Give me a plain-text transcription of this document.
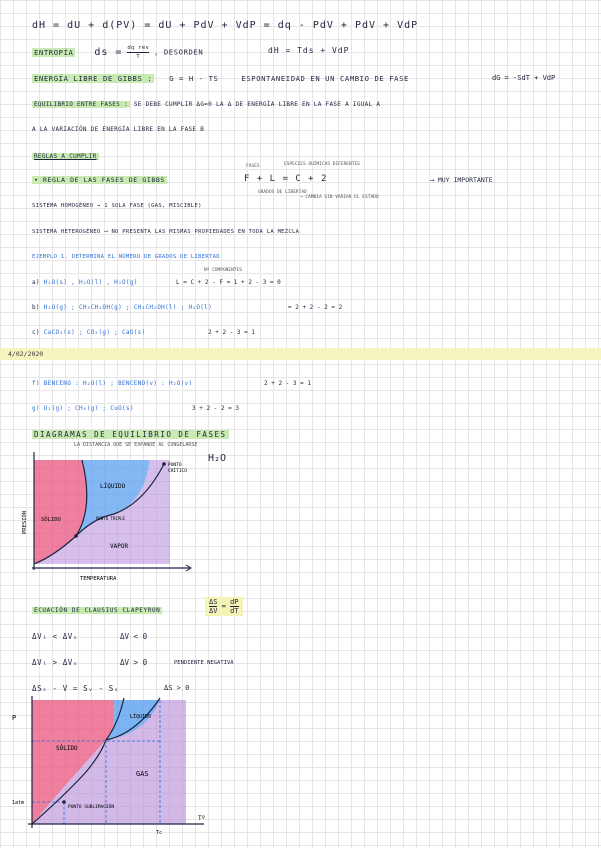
dH = dU + d(PV) = dU + PdV + VdP = dq - PdV + PdV + VdP
ENTROPÍA ds = $\frac{\text{dq rev}}{T}$ , DESORDEN	dH = Tds + VdP
ENERGÍA LIBRE DE GIBBS : G = H - TS	ESPONTANEIDAD EN UN CAMBIO DE FASE	dG = -SdT + VdP
EQUILIBRIO ENTRE FASES : SE DEBE CUMPLIR ΔG=0 LA Δ DE ENERGÍA LIBRE EN LA FASE A IGUAL A
A LA VARIACIÓN DE ENERGÍA LIBRE EN LA FASE B
REGLAS A CUMPLIR
• REGLA DE LAS FASES DE GIBBS	F + L = C + 2	⟶ MUY IMPORTANTE
FASES	ESPECIES QUÍMICAS DIFERENTES
GRADOS DE LIBERTAD
→ CAMBIA SIN VARIAR EL ESTADO
SISTEMA HOMOGÉNEO → 1 SOLA FASE (GAS, MISCIBLE)
SISTEMA HETEROGÉNEO ⟶ NO PRESENTA LAS MISMAS PROPIEDADES EN TODA LA MEZCLA
EJEMPLO 1. DETERMINA EL NÚMERO DE GRADOS DE LIBERTAD
a) H₂O(s) , H₂O(l) , H₂O(g)	L = C + 2 - F = 1 + 2 - 3 = 0
Nº COMPONENTES
b) H₂O(g) ; CH₃CH₂OH(g) ; CH₃CH₂OH(l) ; H₂O(l)	= 2 + 2 - 2 = 2
c) CaCO₃(s) ; CO₂(g) ; CaO(s)	2 + 2 - 3 = 1
4/02/2020
f) BENCENO : H₂O(l) ; BENCENO(v) : H₂O(v)	2 + 2 - 3 = 1
g) O₂(g) ; CH₄(g) ; CuO(s)	3 + 2 - 2 = 3
DIAGRAMAS DE EQUILIBRIO DE FASES
LA DISTANCIA QUE SE EXPANDE AL CONGELARSE
H₂O
PRESIÓN
TEMPERATURA
SÓLIDO
LÍQUIDO
VAPOR
PUNTO TRIPLE
PUNTO
CRÍTICO
ECUACIÓN DE CLAUSIUS CLAPEYRON	$\frac{\Delta S}{\Delta V} = \frac{dP}{dT}$
ΔVₗ < ΔVₛ	ΔV < 0
ΔVₗ > ΔVₛ	ΔV > 0	PENDIENTE NEGATIVA
ΔSₛ - V = Sᵥ - Sₛ	ΔS > 0
P
Tº
1atm
Tc
SÓLIDO
LÍQUIDO
GAS
PUNTO SUBLIMACIÓN
